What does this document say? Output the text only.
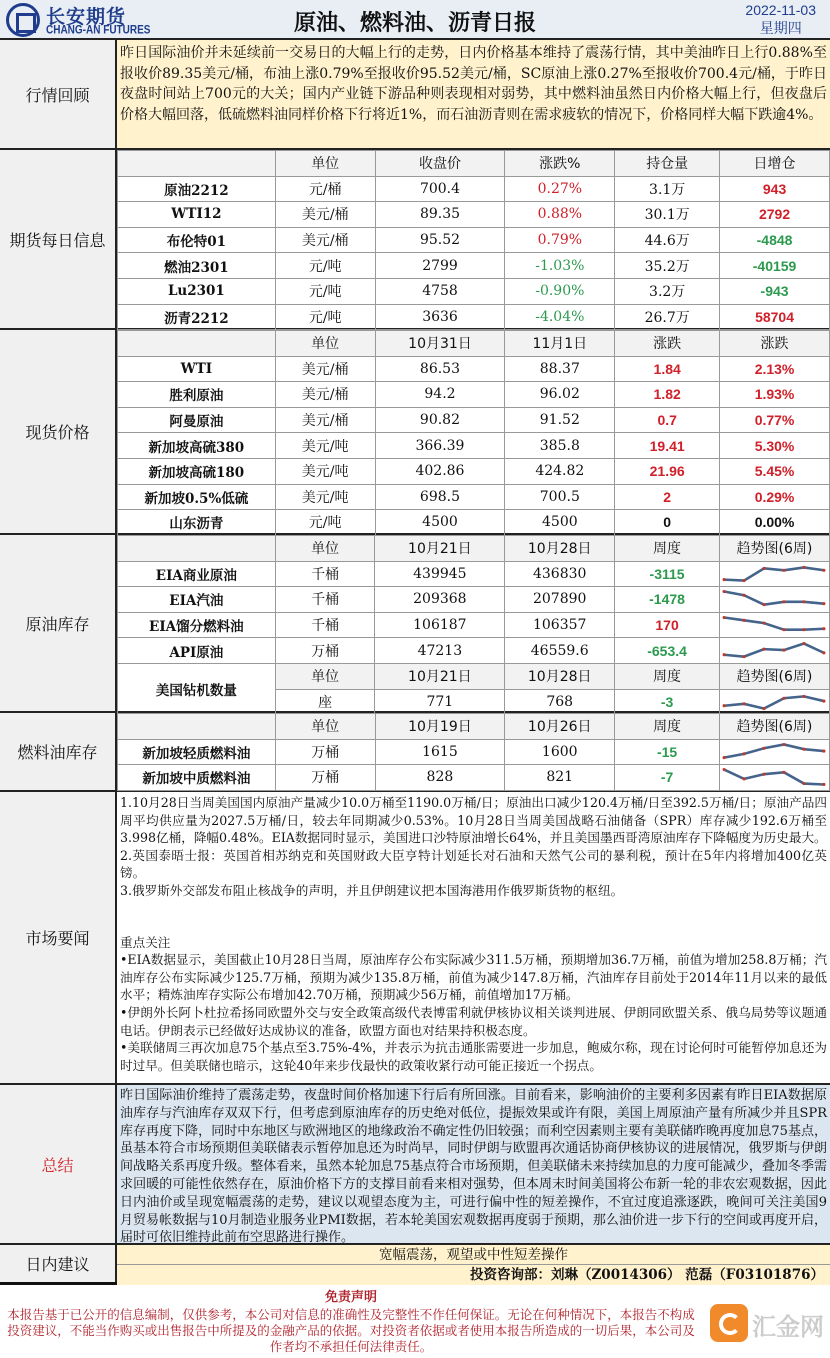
长安期货
CHANG-AN FUTURES	原油、燃料油、沥青日报
2022-11-03
星期四
行情回顾
昨日国际油价并未延续前一交易日的大幅上行的走势，日内价格基本维持了震荡行情，其中美油昨日上行0.88%至报收价89.35美元/桶，布油上涨0.79%至报收价95.52美元/桶，SC原油上涨0.27%至报收价700.4元/桶，于昨日夜盘时间站上700元的大关；国内产业链下游品种则表现相对弱势，其中燃料油虽然日内价格大幅上行，但夜盘后价格大幅回落，低硫燃料油同样价格下行将近1%，而石油沥青则在需求疲软的情况下，价格同样大幅下跌逾4%。
期货每日信息
	单位	收盘价	涨跌%	持仓量	日增仓
原油2212	元/桶	700.4	0.27%	3.1万	943
WTI12	美元/桶	89.35	0.88%	30.1万	2792
布伦特01	美元/桶	95.52	0.79%	44.6万	-4848
燃油2301	元/吨	2799	-1.03%	35.2万	-40159
Lu2301	元/吨	4758	-0.90%	3.2万	-943
沥青2212	元/吨	3636	-4.04%	26.7万	58704
现货价格
	单位	10月31日	11月1日	涨跌	涨跌
WTI	美元/桶	86.53	88.37	1.84	2.13%
胜利原油	美元/桶	94.2	96.02	1.82	1.93%
阿曼原油	美元/桶	90.82	91.52	0.7	0.77%
新加坡高硫380	美元/吨	366.39	385.8	19.41	5.30%
新加坡高硫180	美元/吨	402.86	424.82	21.96	5.45%
新加坡0.5%低硫	美元/吨	698.5	700.5	2	0.29%
山东沥青	元/吨	4500	4500	0	0.00%
原油库存
	单位	10月21日	10月28日	周度	趋势图(6周)
EIA商业原油	千桶	439945	436830	-3115	

EIA汽油	千桶	209368	207890	-1478	

EIA馏分燃料油	千桶	106187	106357	170	

API原油	万桶	47213	46559.6	-653.4	

美国钻机数量	单位	10月21日	10月28日	周度	趋势图(6周)
	座	771	768	-3	
燃料油库存
	单位	10月19日	10月26日	周度	趋势图(6周)
新加坡轻质燃料油	万桶	1615	1600	-15	

新加坡中质燃料油	万桶	828	821	-7	
市场要闻
1.10月28日当周美国国内原油产量减少10.0万桶至1190.0万桶/日；原油出口减少120.4万桶/日至392.5万桶/日；原油产品四周平均供应量为2027.5万桶/日，较去年同期减少0.53%。10月28日当周美国战略石油储备（SPR）库存减少192.6万桶至3.998亿桶，降幅0.48%。EIA数据同时显示，美国进口沙特原油增长64%，并且美国墨西哥湾原油库存下降幅度为历史最大。
2.英国泰晤士报：英国首相苏纳克和英国财政大臣亨特计划延长对石油和天然气公司的暴利税，预计在5年内将增加400亿英镑。
3.俄罗斯外交部发布阻止核战争的声明，并且伊朗建议把本国海港用作俄罗斯货物的枢纽。
重点关注
•EIA数据显示，美国截止10月28日当周，原油库存公布实际减少311.5万桶，预期增加36.7万桶，前值为增加258.8万桶；汽油库存公布实际减少125.7万桶，预期为减少135.8万桶，前值为减少147.8万桶，汽油库存目前处于2014年11月以来的最低水平；精炼油库存实际公布增加42.70万桶，预期减少56万桶，前值增加17万桶。
•伊朗外长阿卜杜拉希扬同欧盟外交与安全政策高级代表博雷利就伊核协议相关谈判进展、伊朗同欧盟关系、俄乌局势等议题通电话。伊朗表示已经做好达成协议的准备，欧盟方面也对结果持积极态度。
•美联储周三再次加息75个基点至3.75%-4%，并表示为抗击通胀需要进一步加息，鲍威尔称，现在讨论何时可能暂停加息还为时过早。但美联储也暗示，这轮40年来步伐最快的政策收紧行动可能正接近一个拐点。
总结
昨日国际油价维持了震荡走势，夜盘时间价格加速下行后有所回涨。目前看来，影响油价的主要利多因素有昨日EIA数据原油库存与汽油库存双双下行，但考虑到原油库存的历史绝对低位，提振效果或许有限，美国上周原油产量有所减少并且SPR库存再度下降，同时中东地区与欧洲地区的地缘政治不确定性仍旧较强；而利空因素则主要有美联储昨晚再度加息75基点，虽基本符合市场预期但美联储表示暂停加息还为时尚早，同时伊朗与欧盟再次通话协商伊核协议的进展情况，俄罗斯与伊朗间战略关系再度升级。整体看来，虽然本轮加息75基点符合市场预期，但美联储未来持续加息的力度可能减少，叠加冬季需求回暖的可能性依然存在，原油价格下方的支撑目前看来相对强势，但本周末时间美国将公布新一轮的非农宏观数据，因此日内油价或呈现宽幅震荡的走势，建议以观望态度为主，可进行偏中性的短差操作，不宜过度追涨逐跌，晚间可关注美国9月贸易帐数据与10月制造业服务业PMI数据，若本轮美国宏观数据再度弱于预期，那么油价进一步下行的空间或再度开启，届时可依旧维持此前布空思路进行操作。
日内建议	宽幅震荡，观望或中性短差操作
投资咨询部：刘琳（Z0014306） 范磊（F03101876）
免责声明
本报告基于已公开的信息编制，仅供参考，本公司对信息的准确性及完整性不作任何保证。无论在何种情况下，本报告不构成投资建议，不能当作购买或出售报告中所提及的金融产品的依据。对投资者依据或者使用本报告所造成的一切后果，本公司及作者均不承担任何法律责任。
汇金网
